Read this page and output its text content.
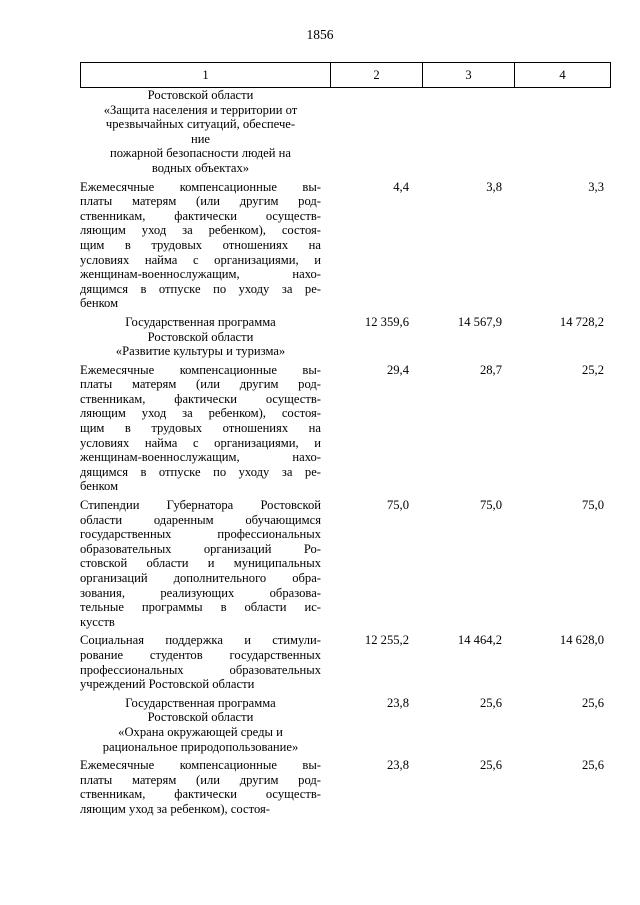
1856
1	2	3	4
Ростовской области
«Защита населения и территории от
чрезвычайных ситуаций, обеспече-
ние
пожарной безопасности людей на
водных объектах»
Ежемесячные компенсационные вы-
платы матерям (или другим род-
ственникам, фактически осуществ-
ляющим уход за ребенком), состоя-
щим в трудовых отношениях на
условиях найма с организациями, и
женщинам-военнослужащим, нахо-
дящимся в отпуске по уходу за ре-
бенком
4,4	3,8	3,3
Государственная программа
Ростовской области
«Развитие культуры и туризма»
12 359,6	14 567,9	14 728,2
Ежемесячные компенсационные вы-
платы матерям (или другим род-
ственникам, фактически осуществ-
ляющим уход за ребенком), состоя-
щим в трудовых отношениях на
условиях найма с организациями, и
женщинам-военнослужащим, нахо-
дящимся в отпуске по уходу за ре-
бенком
29,4	28,7	25,2
Стипендии Губернатора Ростовской
области одаренным обучающимся
государственных профессиональных
образовательных организаций Ро-
стовской области и муниципальных
организаций дополнительного обра-
зования, реализующих образова-
тельные программы в области ис-
кусств
75,0	75,0	75,0
Социальная поддержка и стимули-
рование студентов государственных
профессиональных образовательных
учреждений Ростовской области
12 255,2	14 464,2	14 628,0
Государственная программа
Ростовской области
«Охрана окружающей среды и
рациональное природопользование»
23,8	25,6	25,6
Ежемесячные компенсационные вы-
платы матерям (или другим род-
ственникам, фактически осуществ-
ляющим уход за ребенком), состоя-
23,8	25,6	25,6
